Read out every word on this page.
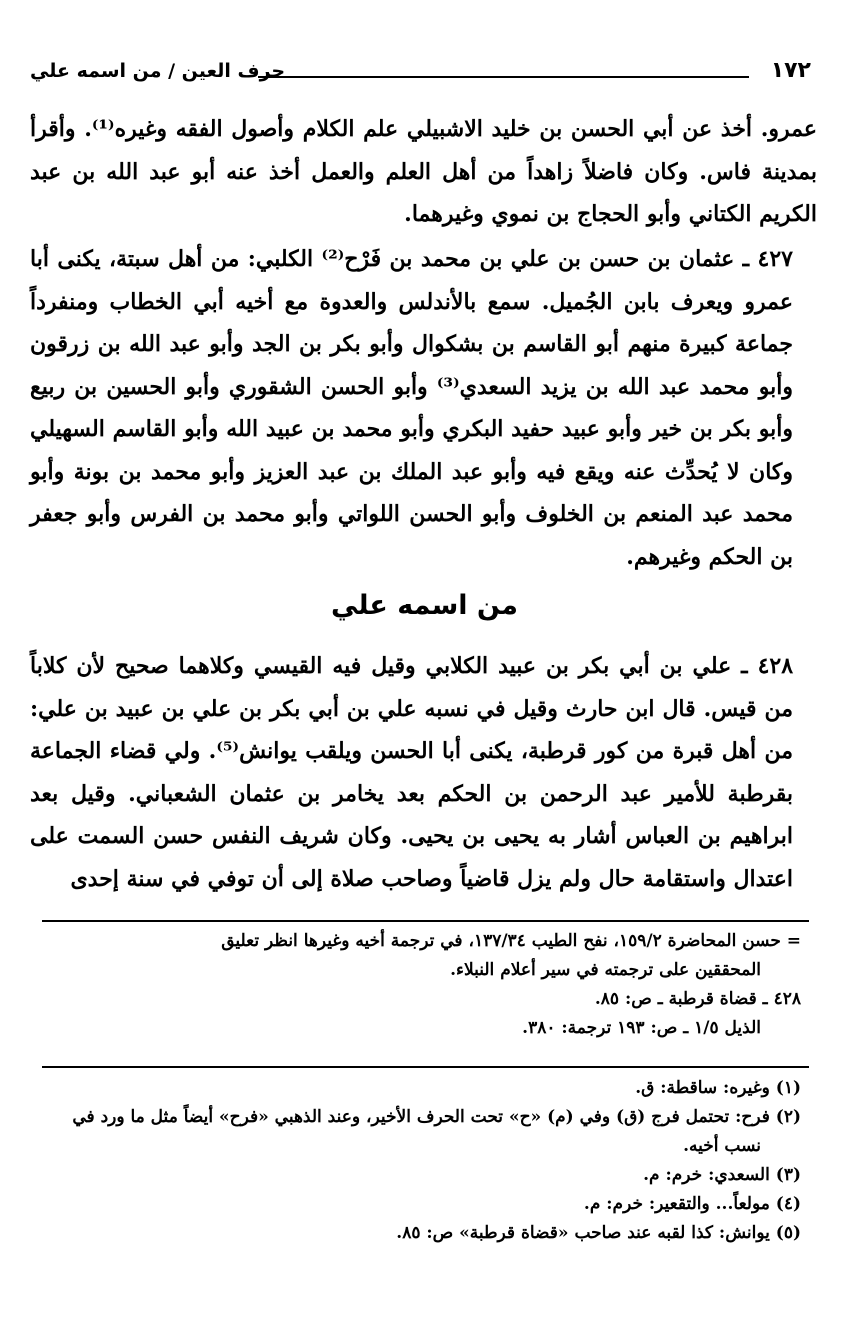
١٧٢
حرف العين / من اسمه علي

عمرو. أخذ عن أبي الحسن بن خليد الاشبيلي علم الكلام وأصول الفقه وغيره⁽¹⁾. وأقرأ بمدينة فاس. وكان فاضلاً زاهداً من أهل العلم والعمل أخذ عنه أبو عبد الله بن عبد الكريم الكتاني وأبو الحجاج بن نموي وغيرهما.

٤٢٧ ـ عثمان بن حسن بن علي بن محمد بن فَرْح⁽²⁾ الكلبي: من أهل سبتة، يكنى أبا عمرو ويعرف بابن الجُميل. سمع بالأندلس والعدوة مع أخيه أبي الخطاب ومنفرداً جماعة كبيرة منهم أبو القاسم بن بشكوال وأبو بكر بن الجد وأبو عبد الله بن زرقون وأبو محمد عبد الله بن يزيد السعدي⁽³⁾ وأبو الحسن الشقوري وأبو الحسين بن ربيع وأبو بكر بن خير وأبو عبيد حفيد البكري وأبو محمد بن عبيد الله وأبو القاسم السهيلي وكان لا يُحدِّث عنه ويقع فيه وأبو عبد الملك بن عبد العزيز وأبو محمد بن بونة وأبو محمد عبد المنعم بن الخلوف وأبو الحسن اللواتي وأبو محمد بن الفرس وأبو جعفر بن الحكم وغيرهم.

من اسمه علي

٤٢٨ ـ علي بن أبي بكر بن عبيد الكلابي وقيل فيه القيسي وكلاهما صحيح لأن كلاباً من قيس. قال ابن حارث وقيل في نسبه علي بن أبي بكر بن علي بن عبيد بن علي: من أهل قبرة من كور قرطبة، يكنى أبا الحسن ويلقب يوانش⁽⁵⁾. ولي قضاء الجماعة بقرطبة للأمير عبد الرحمن بن الحكم بعد يخامر بن عثمان الشعباني. وقيل بعد ابراهيم بن العباس أشار به يحيى بن يحيى. وكان شريف النفس حسن السمت على اعتدال واستقامة حال ولم يزل قاضياً وصاحب صلاة إلى أن توفي في سنة إحدى

= حسن المحاضرة ١٥٩/٢، نفح الطيب ١٣٧/٣٤، في ترجمة أخيه وغيرها انظر تعليق

المحققين على ترجمته في سير أعلام النبلاء.

٤٢٨ ـ قضاة قرطبة ـ ص: ٨٥.

الذيل ١/٥ ـ ص: ١٩٣ ترجمة: ٣٨٠.

(١) وغيره: ساقطة: ق.

(٢) فرح: تحتمل فرج (ق) وفي (م) «ح» تحت الحرف الأخير، وعند الذهبي «فرح» أيضاً مثل ما ورد في

نسب أخيه.

(٣) السعدي: خرم: م.

(٤) مولعاً... والتقعير: خرم: م.

(٥) يوانش: كذا لقبه عند صاحب «قضاة قرطبة» ص: ٨٥.
